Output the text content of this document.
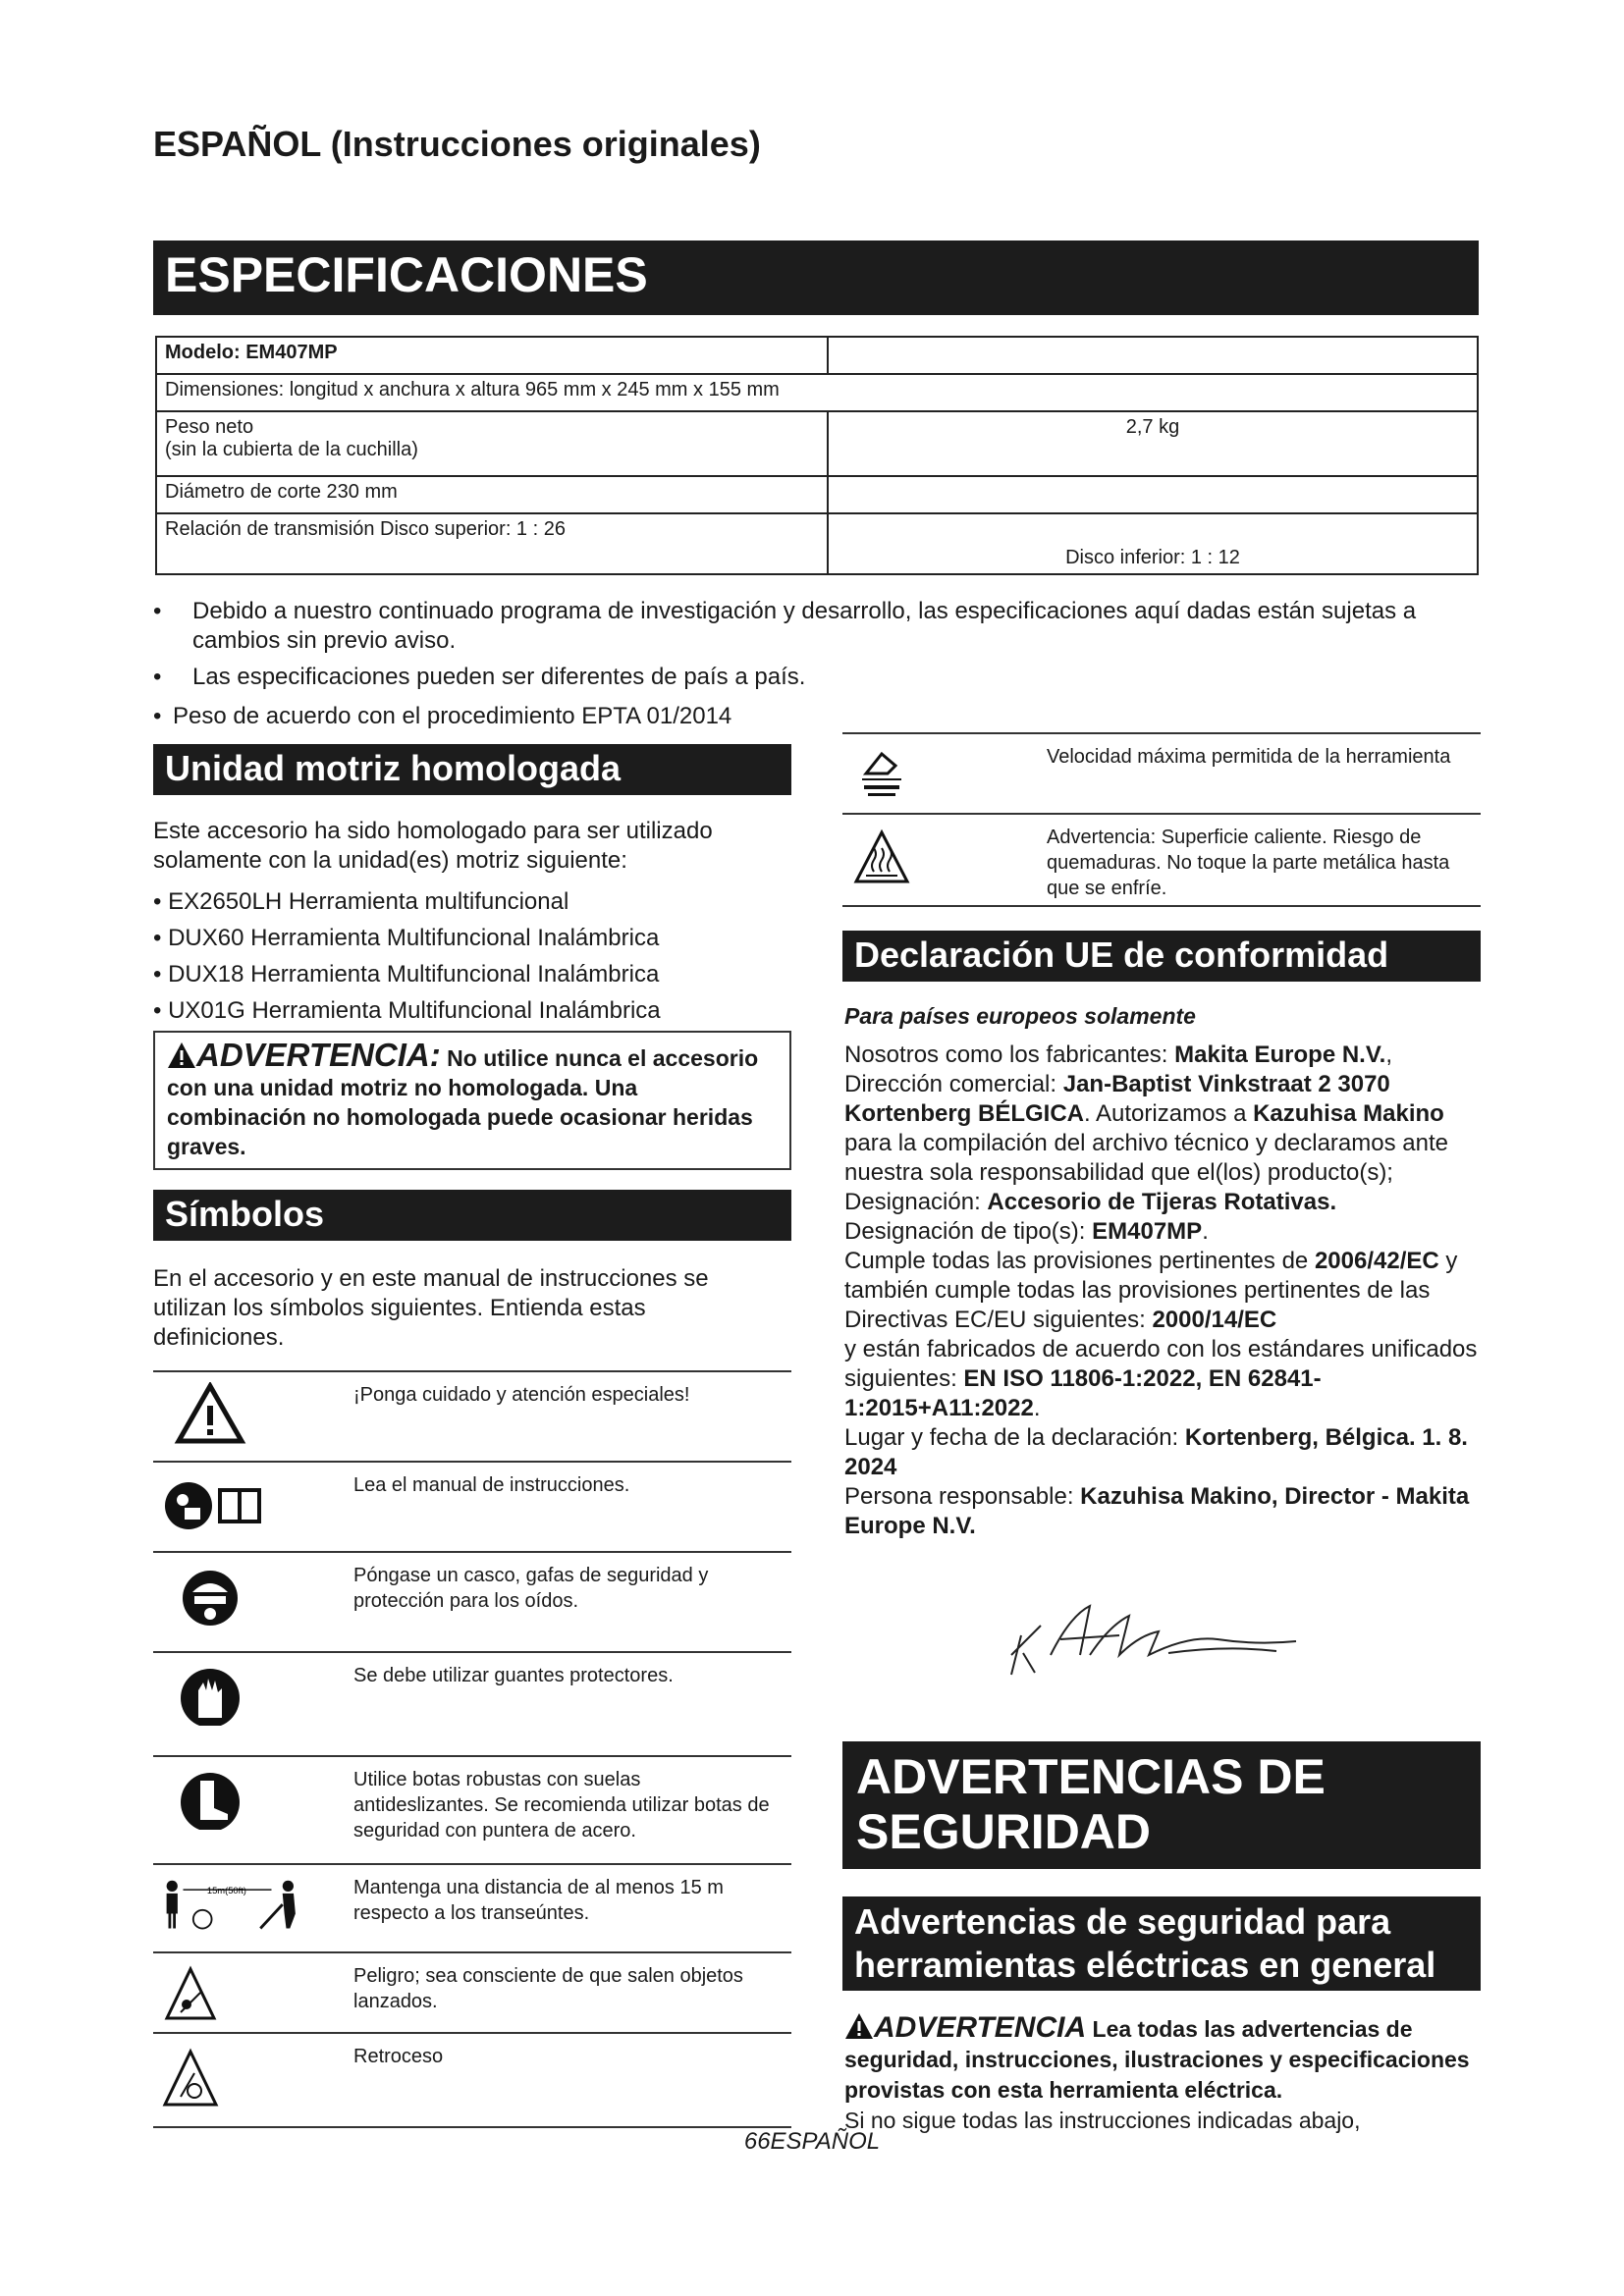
ESPAÑOL (Instrucciones originales)
ESPECIFICACIONES
Modelo: EM407MP	
Dimensiones: longitud x anchura x altura 965 mm x 245 mm x 155 mm	
Peso neto
(sin la cubierta de la cuchilla)	2,7 kg
Diámetro de corte 230 mm	
Relación de transmisión Disco superior: 1 : 26	Disco inferior: 1 : 12
• Debido a nuestro continuado programa de investigación y desarrollo, las especificaciones aquí dadas están sujetas a cambios sin previo aviso.
• Las especificaciones pueden ser diferentes de país a país.
• Peso de acuerdo con el procedimiento EPTA 01/2014
Unidad motriz homologada
Este accesorio ha sido homologado para ser utilizado solamente con la unidad(es) motriz siguiente:
• EX2650LH Herramienta multifuncional
• DUX60 Herramienta Multifuncional Inalámbrica
• DUX18 Herramienta Multifuncional Inalámbrica
• UX01G Herramienta Multifuncional Inalámbrica
ADVERTENCIA: No utilice nunca el accesorio con una unidad motriz no homologada. Una combinación no homologada puede ocasionar heridas graves.
Símbolos
En el accesorio y en este manual de instrucciones se utilizan los símbolos siguientes. Entienda estas definiciones.
¡Ponga cuidado y atención especiales!
Lea el manual de instrucciones.
Póngase un casco, gafas de seguridad y protección para los oídos.
Se debe utilizar guantes protectores.
Utilice botas robustas con suelas antideslizantes. Se recomienda utilizar botas de seguridad con puntera de acero.
15m(50ft)	Mantenga una distancia de al menos 15 m respecto a los transeúntes.
Peligro; sea consciente de que salen objetos lanzados.
Retroceso
Velocidad máxima permitida de la herramienta
Advertencia: Superficie caliente. Riesgo de quemaduras. No toque la parte metálica hasta que se enfríe.
Declaración UE de conformidad
Para países europeos solamente
Nosotros como los fabricantes: Makita Europe N.V., Dirección comercial: Jan-Baptist Vinkstraat 2 3070 Kortenberg BÉLGICA. Autorizamos a Kazuhisa Makino para la compilación del archivo técnico y declaramos ante nuestra sola responsabilidad que el(los) producto(s);
Designación: Accesorio de Tijeras Rotativas.
Designación de tipo(s): EM407MP.
Cumple todas las provisiones pertinentes de 2006/42/EC y también cumple todas las provisiones pertinentes de las Directivas EC/EU siguientes: 2000/14/EC
y están fabricados de acuerdo con los estándares unificados siguientes: EN ISO 11806-1:2022, EN 62841-1:2015+A11:2022.
Lugar y fecha de la declaración: Kortenberg, Bélgica. 1. 8. 2024
Persona responsable: Kazuhisa Makino, Director - Makita Europe N.V.
ADVERTENCIAS DE SEGURIDAD
Advertencias de seguridad para herramientas eléctricas en general
ADVERTENCIA Lea todas las advertencias de seguridad, instrucciones, ilustraciones y especificaciones provistas con esta herramienta eléctrica.
Si no sigue todas las instrucciones indicadas abajo,
66ESPAÑOL
